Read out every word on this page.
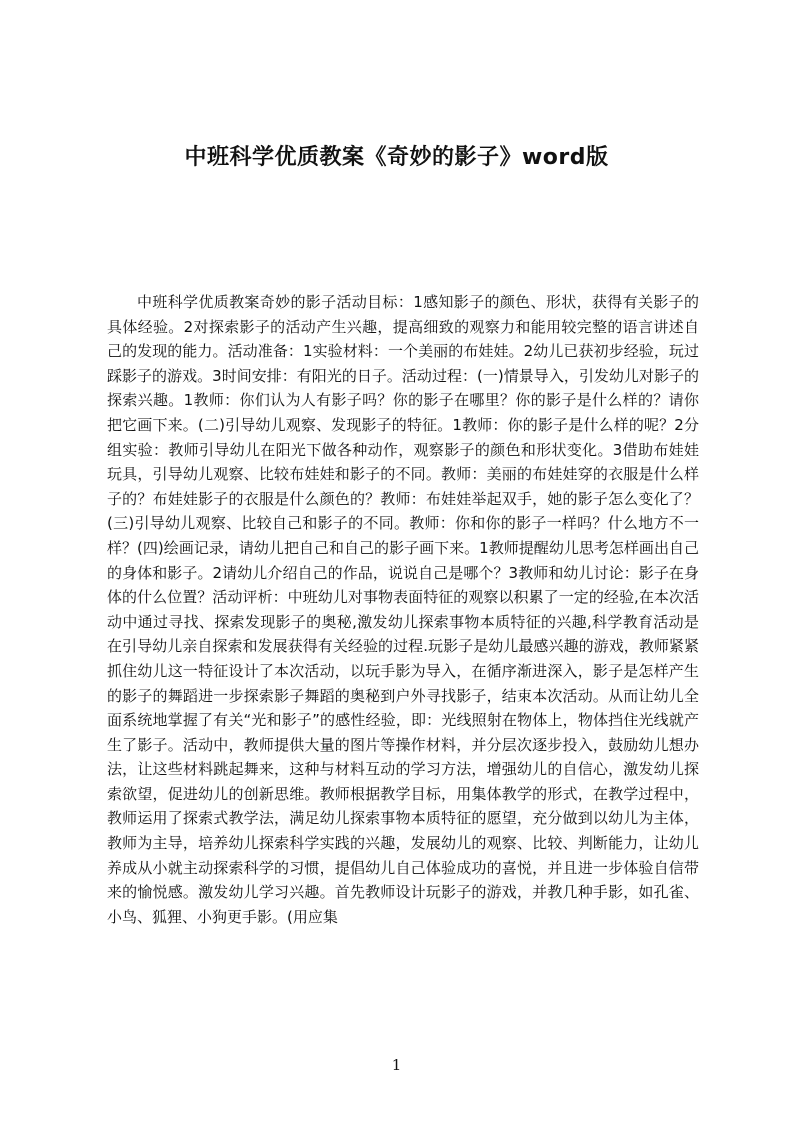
中班科学优质教案《奇妙的影子》word版

中班科学优质教案奇妙的影子活动目标：1感知影子的颜色、形状，获得有关影子的具体经验。2对探索影子的活动产生兴趣，提高细致的观察力和能用较完整的语言讲述自己的发现的能力。活动准备：1实验材料：一个美丽的布娃娃。2幼儿已获初步经验，玩过踩影子的游戏。3时间安排：有阳光的日子。活动过程：(一)情景导入，引发幼儿对影子的探索兴趣。1教师：你们认为人有影子吗？你的影子在哪里？你的影子是什么样的？请你把它画下来。(二)引导幼儿观察、发现影子的特征。1教师：你的影子是什么样的呢？2分组实验：教师引导幼儿在阳光下做各种动作，观察影子的颜色和形状变化。3借助布娃娃玩具，引导幼儿观察、比较布娃娃和影子的不同。教师：美丽的布娃娃穿的衣服是什么样子的？布娃娃影子的衣服是什么颜色的？教师：布娃娃举起双手，她的影子怎么变化了？(三)引导幼儿观察、比较自己和影子的不同。教师：你和你的影子一样吗？什么地方不一样？(四)绘画记录，请幼儿把自己和自己的影子画下来。1教师提醒幼儿思考怎样画出自己的身体和影子。2请幼儿介绍自己的作品，说说自己是哪个？3教师和幼儿讨论：影子在身体的什么位置？活动评析：中班幼儿对事物表面特征的观察以积累了一定的经验,在本次活动中通过寻找、探索发现影子的奥秘,激发幼儿探索事物本质特征的兴趣,科学教育活动是在引导幼儿亲自探索和发展获得有关经验的过程.玩影子是幼儿最感兴趣的游戏，教师紧紧抓住幼儿这一特征设计了本次活动，以玩手影为导入，在循序渐进深入，影子是怎样产生的影子的舞蹈进一步探索影子舞蹈的奥秘到户外寻找影子，结束本次活动。从而让幼儿全面系统地掌握了有关“光和影子”的感性经验，即：光线照射在物体上，物体挡住光线就产生了影子。活动中，教师提供大量的图片等操作材料，并分层次逐步投入，鼓励幼儿想办法，让这些材料跳起舞来，这种与材料互动的学习方法，增强幼儿的自信心，激发幼儿探索欲望，促进幼儿的创新思维。教师根据教学目标，用集体教学的形式，在教学过程中，教师运用了探索式教学法，满足幼儿探索事物本质特征的愿望，充分做到以幼儿为主体，教师为主导，培养幼儿探索科学实践的兴趣，发展幼儿的观察、比较、判断能力，让幼儿养成从小就主动探索科学的习惯，提倡幼儿自己体验成功的喜悦，并且进一步体验自信带来的愉悦感。激发幼儿学习兴趣。首先教师设计玩影子的游戏，并教几种手影，如孔雀、小鸟、狐狸、小狗更手影。(用应集

1
